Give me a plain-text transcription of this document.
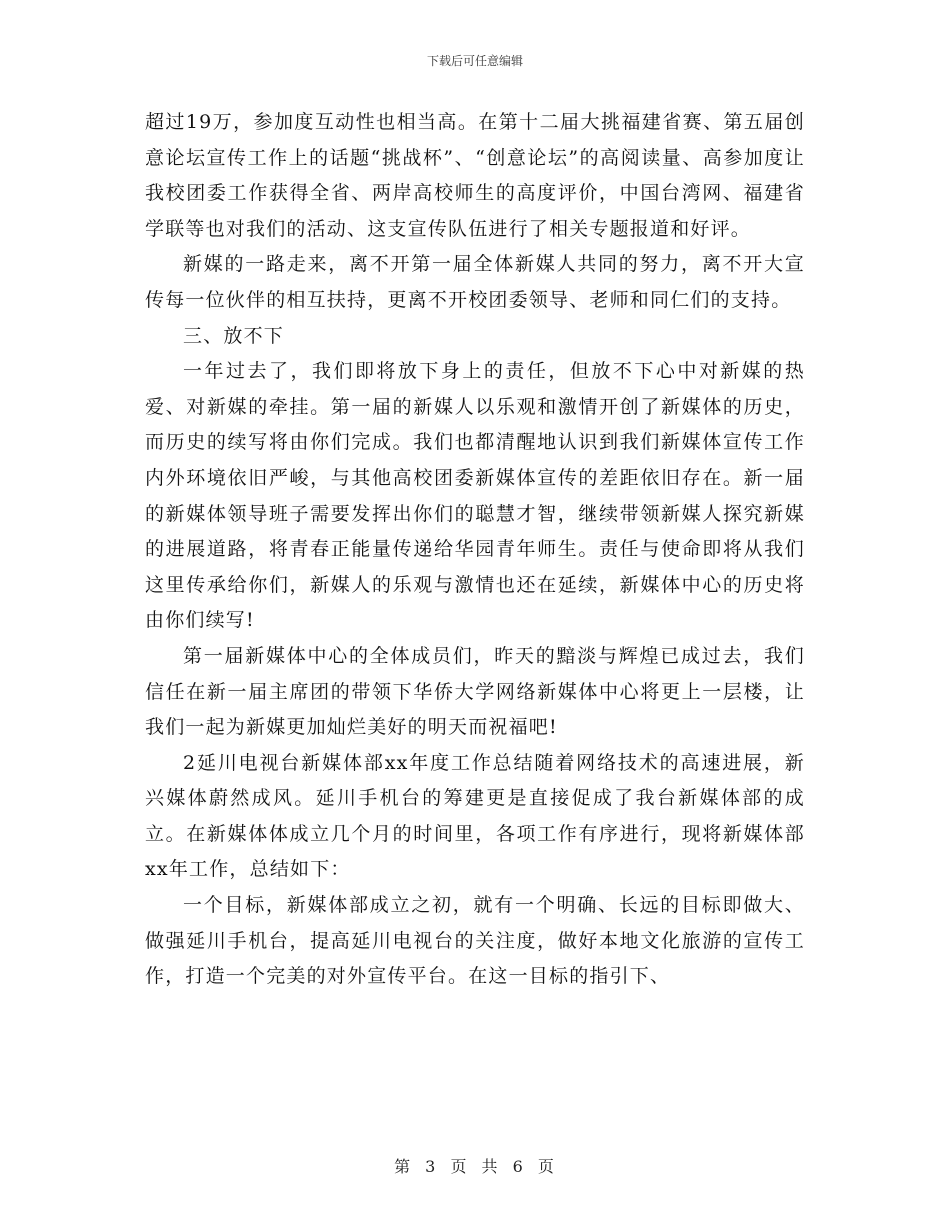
下载后可任意编辑

超过19万，参加度互动性也相当高。在第十二届大挑福建省赛、第五届创意论坛宣传工作上的话题“挑战杯”、“创意论坛”的高阅读量、高参加度让我校团委工作获得全省、两岸高校师生的高度评价，中国台湾网、福建省学联等也对我们的活动、这支宣传队伍进行了相关专题报道和好评。

新媒的一路走来，离不开第一届全体新媒人共同的努力，离不开大宣传每一位伙伴的相互扶持，更离不开校团委领导、老师和同仁们的支持。

三、放不下

一年过去了，我们即将放下身上的责任，但放不下心中对新媒的热爱、对新媒的牵挂。第一届的新媒人以乐观和激情开创了新媒体的历史，而历史的续写将由你们完成。我们也都清醒地认识到我们新媒体宣传工作内外环境依旧严峻，与其他高校团委新媒体宣传的差距依旧存在。新一届的新媒体领导班子需要发挥出你们的聪慧才智，继续带领新媒人探究新媒的进展道路，将青春正能量传递给华园青年师生。责任与使命即将从我们这里传承给你们，新媒人的乐观与激情也还在延续，新媒体中心的历史将由你们续写!

第一届新媒体中心的全体成员们，昨天的黯淡与辉煌已成过去，我们信任在新一届主席团的带领下华侨大学网络新媒体中心将更上一层楼，让我们一起为新媒更加灿烂美好的明天而祝福吧!

2延川电视台新媒体部xx年度工作总结随着网络技术的高速进展，新兴媒体蔚然成风。延川手机台的筹建更是直接促成了我台新媒体部的成立。在新媒体体成立几个月的时间里，各项工作有序进行，现将新媒体部xx年工作，总结如下：

一个目标，新媒体部成立之初，就有一个明确、长远的目标即做大、做强延川手机台，提高延川电视台的关注度，做好本地文化旅游的宣传工作，打造一个完美的对外宣传平台。在这一目标的指引下、

第 3 页 共 6 页
